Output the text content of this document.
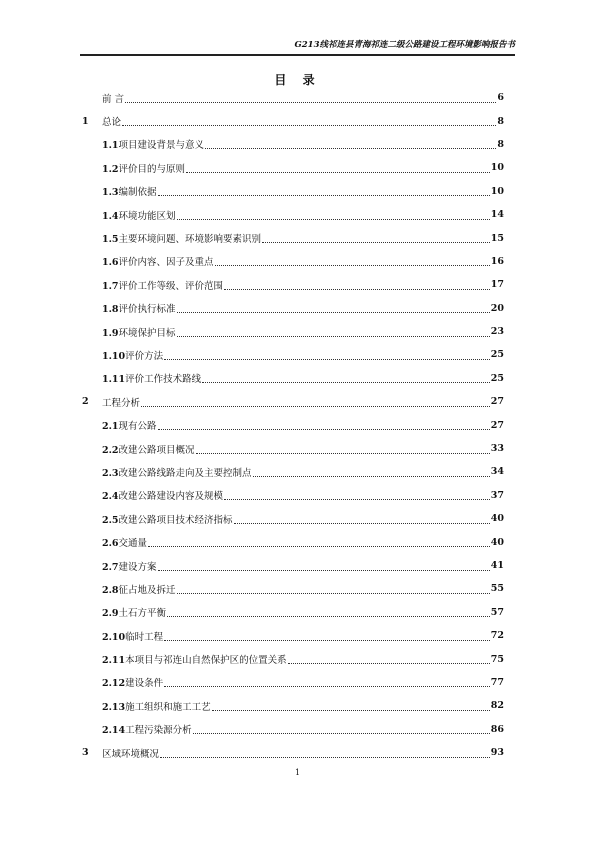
G213线祁连县青海祁连二级公路建设工程环境影响报告书
目 录
前 言	6
1	总论	8
1.1项目建设背景与意义	8
1.2评价目的与原则	10
1.3编制依据	10
1.4环境功能区划	14
1.5主要环境问题、环境影响要素识别	15
1.6评价内容、因子及重点	16
1.7评价工作等级、评价范围	17
1.8评价执行标准	20
1.9环境保护目标	23
1.10评价方法	25
1.11评价工作技术路线	25
2	工程分析	27
2.1现有公路	27
2.2改建公路项目概况	33
2.3改建公路线路走向及主要控制点	34
2.4改建公路建设内容及规模	37
2.5改建公路项目技术经济指标	40
2.6交通量	40
2.7建设方案	41
2.8征占地及拆迁	55
2.9土石方平衡	57
2.10临时工程	72
2.11本项目与祁连山自然保护区的位置关系	75
2.12建设条件	77
2.13施工组织和施工工艺	82
2.14工程污染源分析	86
3	区域环境概况	93
1
